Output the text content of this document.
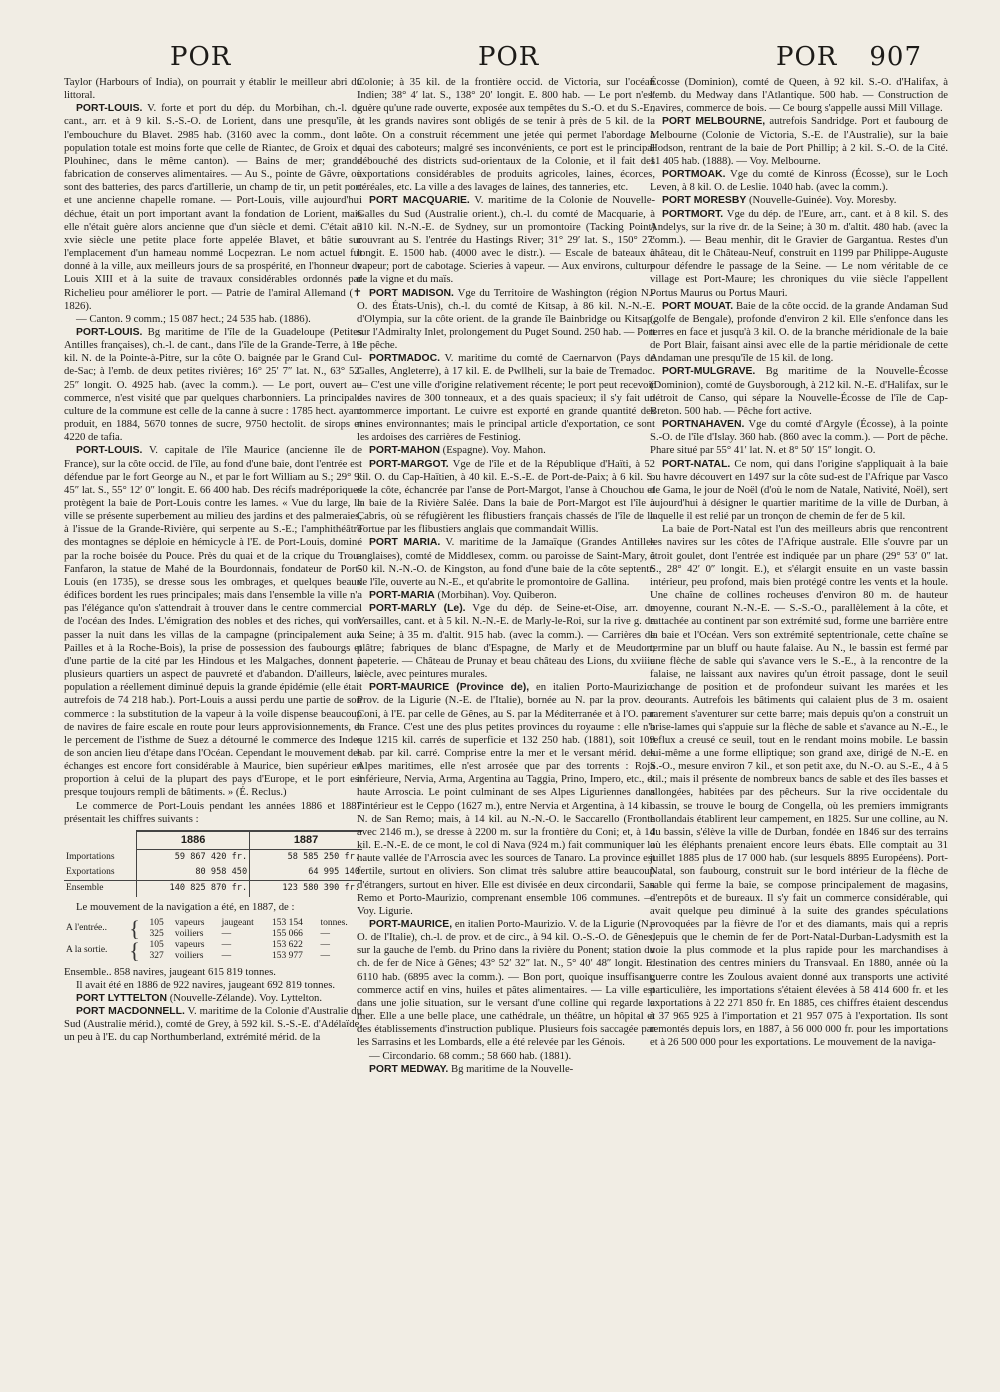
POR	POR	POR 907

Taylor (Harbours of India), on pourrait y établir le meilleur abri du littoral.

PORT-LOUIS. V. forte et port du dép. du Morbihan, ch.-l. de cant., arr. et à 9 kil. S.-S.-O. de Lorient, dans une presqu'île, à l'embouchure du Blavet. 2985 hab. (3160 avec la comm., dont la population totale est moins forte que celle de Riantec, de Groix et de Plouhinec, dans le même canton). — Bains de mer; grande fabrication de conserves alimentaires. — Au S., pointe de Gâvre, où sont des batteries, des parcs d'artillerie, un champ de tir, un petit port et une ancienne chapelle romane. — Port-Louis, ville aujourd'hui déchue, était un port important avant la fondation de Lorient, mais elle n'était guère alors ancienne que d'un siècle et demi. C'était au xvie siècle une petite place forte appelée Blavet, et bâtie sur l'emplacement d'un hameau nommé Locpezran. Le nom actuel fut donné à la ville, aux meilleurs jours de sa prospérité, en l'honneur de Louis XIII et à la suite de travaux considérables ordonnés par Richelieu pour améliorer le port. — Patrie de l'amiral Allemand (✝ 1826).

— Canton. 9 comm.; 15 087 hect.; 24 535 hab. (1886).

PORT-LOUIS. Bg maritime de l'île de la Guadeloupe (Petites Antilles françaises), ch.-l. de cant., dans l'île de la Grande-Terre, à 19 kil. N. de la Pointe-à-Pitre, sur la côte O. baignée par le Grand Cul-de-Sac; à l'emb. de deux petites rivières; 16° 25′ 7″ lat. N., 63° 52′ 25″ longit. O. 4925 hab. (avec la comm.). — Le port, ouvert au commerce, n'est visité que par quelques charbonniers. La principale culture de la commune est celle de la canne à sucre : 1785 hect. ayant produit, en 1884, 5670 tonnes de sucre, 9750 hectolit. de sirops et 4220 de tafia.

PORT-LOUIS. V. capitale de l'île Maurice (ancienne île de France), sur la côte occid. de l'île, au fond d'une baie, dont l'entrée est défendue par le fort George au N., et par le fort William au S.; 29° 9′ 45″ lat. S., 55° 12′ 0″ longit. E. 66 400 hab. Des récifs madréporiques protègent la baie de Port-Louis contre les lames. « Vue du large, la ville se présente superbement au milieu des jardins et des palmeraies, à l'issue de la Grande-Rivière, qui serpente au S.-E.; l'amphithéâtre des montagnes se déploie en hémicycle à l'E. de Port-Louis, dominé par la roche boisée du Pouce. Près du quai et de la crique du Trou-Fanfaron, la statue de Mahé de la Bourdonnais, fondateur de Port-Louis (en 1735), se dresse sous les ombrages, et quelques beaux édifices bordent les rues principales; mais dans l'ensemble la ville n'a pas l'élégance qu'on s'attendrait à trouver dans le centre commercial de l'océan des Indes. L'émigration des nobles et des riches, qui vont passer la nuit dans les villas de la campagne (principalement aux Pailles et à la Roche-Bois), la prise de possession des faubourgs et d'une partie de la cité par les Hindous et les Malgaches, donnent à plusieurs quartiers un aspect de pauvreté et d'abandon. D'ailleurs, la population a réellement diminué depuis la grande épidémie (elle était autrefois de 74 218 hab.). Port-Louis a aussi perdu une partie de son commerce : la substitution de la vapeur à la voile dispense beaucoup de navires de faire escale en route pour leurs approvisionnements, et le percement de l'isthme de Suez a détourné le commerce des Indes de son ancien lieu d'étape dans l'Océan. Cependant le mouvement des échanges est encore fort considérable à Maurice, bien supérieur en proportion à celui de la plupart des pays d'Europe, et le port est presque toujours rempli de bâtiments. » (É. Reclus.)

Le commerce de Port-Louis pendant les années 1886 et 1887 présentait les chiffres suivants :

	1886	1887
Importations	59 867 420 fr.	58 585 250 fr.
Exportations	80 958 450	64 995 140
Ensemble	140 825 870 fr.	123 580 390 fr.

Le mouvement de la navigation a été, en 1887, de :

A l'entrée..	{	105	vapeurs	jaugeant	153 154	tonnes.
		325	voiliers	—	155 066	—
A la sortie.	{	105	vapeurs	—	153 622	—
		327	voiliers	—	153 977	—

Ensemble.. 858 navires, jaugeant 615 819 tonnes.

Il avait été en 1886 de 922 navires, jaugeant 692 819 tonnes.

PORT LYTTELTON (Nouvelle-Zélande). Voy. Lyttelton.

PORT MACDONNELL. V. maritime de la Colonie d'Australie du Sud (Australie mérid.), comté de Grey, à 592 kil. S.-S.-E. d'Adélaïde, un peu à l'E. du cap Northumberland, extrémité mérid. de la

Colonie; à 35 kil. de la frontière occid. de Victoria, sur l'océan Indien; 38° 4′ lat. S., 138° 20′ longit. E. 800 hab. — Le port n'est guère qu'une rade ouverte, exposée aux tempêtes du S.-O. et du S.-E., et les grands navires sont obligés de se tenir à près de 5 kil. de la côte. On a construit récemment une jetée qui permet l'abordage à quai des caboteurs; malgré ses inconvénients, ce port est le principal débouché des districts sud-orientaux de la Colonie, et il fait des exportations considérables de produits agricoles, laines, écorces, céréales, etc. La ville a des lavages de laines, des tanneries, etc.

PORT MACQUARIE. V. maritime de la Colonie de Nouvelle-Galles du Sud (Australie orient.), ch.-l. du comté de Macquarie, à 310 kil. N.-N.-E. de Sydney, sur un promontoire (Tacking Point) couvrant au S. l'entrée du Hastings River; 31° 29′ lat. S., 150° 27′ longit. E. 1500 hab. (4000 avec le distr.). — Escale de bateaux à vapeur; port de cabotage. Scieries à vapeur. — Aux environs, culture de la vigne et du maïs.

PORT MADISON. Vge du Territoire de Washington (région N.-O. des États-Unis), ch.-l. du comté de Kitsap, à 86 kil. N.-N.-E. d'Olympia, sur la côte orient. de la grande île Bainbridge ou Kitsap, sur l'Admiralty Inlet, prolongement du Puget Sound. 250 hab. — Port de pêche.

PORTMADOC. V. maritime du comté de Caernarvon (Pays de Galles, Angleterre), à 17 kil. E. de Pwllheli, sur la baie de Tremadoc. — C'est une ville d'origine relativement récente; le port peut recevoir des navires de 300 tonneaux, et a des quais spacieux; il s'y fait un commerce important. Le cuivre est exporté en grande quantité des mines environnantes; mais le principal article d'exportation, ce sont les ardoises des carrières de Festiniog.

PORT-MAHON (Espagne). Voy. Mahon.

PORT-MARGOT. Vge de l'île et de la République d'Haïti, à 52 kil. O. du Cap-Haïtien, à 40 kil. E.-S.-E. de Port-de-Paix; à 6 kil. S. de la côte, échancrée par l'anse de Port-Margot, l'anse à Chouchou et la baie de la Rivière Salée. Dans la baie de Port-Margot est l'île à Cabris, où se réfugièrent les flibustiers français chassés de l'île de la Tortue par les flibustiers anglais que commandait Willis.

PORT MARIA. V. maritime de la Jamaïque (Grandes Antilles anglaises), comté de Middlesex, comm. ou paroisse de Saint-Mary, à 50 kil. N.-N.-O. de Kingston, au fond d'une baie de la côte septentr. de l'île, ouverte au N.-E., et qu'abrite le promontoire de Gallina.

PORT-MARIA (Morbihan). Voy. Quiberon.

PORT-MARLY (Le). Vge du dép. de Seine-et-Oise, arr. de Versailles, cant. et à 5 kil. N.-N.-E. de Marly-le-Roi, sur la rive g. de la Seine; à 35 m. d'altit. 915 hab. (avec la comm.). — Carrières de plâtre; fabriques de blanc d'Espagne, de Marly et de Meudon; papeterie. — Château de Prunay et beau château des Lions, du xviiie siècle, avec peintures murales.

PORT-MAURICE (Province de), en italien Porto-Maurizio. Prov. de la Ligurie (N.-E. de l'Italie), bornée au N. par la prov. de Coni, à l'E. par celle de Gênes, au S. par la Méditerranée et à l'O. par la France. C'est une des plus petites provinces du royaume : elle n'a que 1215 kil. carrés de superficie et 132 250 hab. (1881), soit 109 hab. par kil. carré. Comprise entre la mer et le versant mérid. des Alpes maritimes, elle n'est arrosée que par des torrents : Roja inférieure, Nervia, Arma, Argentina au Taggia, Prino, Impero, etc., et haute Arroscia. Le point culminant de ses Alpes Liguriennes dans l'intérieur est le Ceppo (1627 m.), entre Nervia et Argentina, à 14 kil. N. de San Remo; mais, à 14 kil. au N.-N.-O. le Saccarello (Fronte avec 2146 m.), se dresse à 2200 m. sur la frontière du Coni; et, à 14 kil. E.-N.-E. de ce mont, le col di Nava (924 m.) fait communiquer la haute vallée de l'Arroscia avec les sources de Tanaro. La province est fertile, surtout en oliviers. Son climat très salubre attire beaucoup d'étrangers, surtout en hiver. Elle est divisée en deux circondarii, San Remo et Porto-Maurizio, comprenant ensemble 106 communes. — Voy. Ligurie.

PORT-MAURICE, en italien Porto-Maurizio. V. de la Ligurie (N.-O. de l'Italie), ch.-l. de prov. et de circ., à 94 kil. O.-S.-O. de Gênes, sur la gauche de l'emb. du Prino dans la rivière du Ponent; station du ch. de fer de Nice à Gênes; 43° 52′ 32″ lat. N., 5° 40′ 48″ longit. E. 6110 hab. (6895 avec la comm.). — Bon port, quoique insuffisant; commerce actif en vins, huiles et pâtes alimentaires. — La ville est dans une jolie situation, sur le versant d'une colline qui regarde la mer. Elle a une belle place, une cathédrale, un théâtre, un hôpital et des établissements d'instruction publique. Plusieurs fois saccagée par les Sarrasins et les Lombards, elle a été relevée par les Génois.

— Circondario. 68 comm.; 58 660 hab. (1881).

PORT MEDWAY. Bg maritime de la Nouvelle-

Écosse (Dominion), comté de Queen, à 92 kil. S.-O. d'Halifax, à l'emb. du Medway dans l'Atlantique. 500 hab. — Construction de navires, commerce de bois. — Ce bourg s'appelle aussi Mill Village.

PORT MELBOURNE, autrefois Sandridge. Port et faubourg de Melbourne (Colonie de Victoria, S.-E. de l'Australie), sur la baie Hodson, rentrant de la baie de Port Phillip; à 2 kil. S.-O. de la Cité. 11 405 hab. (1888). — Voy. Melbourne.

PORTMOAK. Vge du comté de Kinross (Écosse), sur le Loch Leven, à 8 kil. O. de Leslie. 1040 hab. (avec la comm.).

PORT MORESBY (Nouvelle-Guinée). Voy. Moresby.

PORTMORT. Vge du dép. de l'Eure, arr., cant. et à 8 kil. S. des Andelys, sur la rive dr. de la Seine; à 30 m. d'altit. 480 hab. (avec la comm.). — Beau menhir, dit le Gravier de Gargantua. Restes d'un château, dit le Château-Neuf, construit en 1199 par Philippe-Auguste pour défendre le passage de la Seine. — Le nom véritable de ce village est Port-Maure; les chroniques du viie siècle l'appellent Portus Maurus ou Portus Mauri.

PORT MOUAT. Baie de la côte occid. de la grande Andaman Sud (golfe de Bengale), profonde d'environ 2 kil. Elle s'enfonce dans les terres en face et jusqu'à 3 kil. O. de la branche méridionale de la baie de Port Blair, faisant ainsi avec elle de la partie méridionale de cette Andaman une presqu'île de 15 kil. de long.

PORT-MULGRAVE. Bg maritime de la Nouvelle-Écosse (Dominion), comté de Guysborough, à 212 kil. N.-E. d'Halifax, sur le détroit de Canso, qui sépare la Nouvelle-Écosse de l'île de Cap-Breton. 500 hab. — Pêche fort active.

PORTNAHAVEN. Vge du comté d'Argyle (Écosse), à la pointe S.-O. de l'île d'Islay. 360 hab. (860 avec la comm.). — Port de pêche. Phare situé par 55° 41′ lat. N. et 8° 50′ 15″ longit. O.

PORT-NATAL. Ce nom, qui dans l'origine s'appliquait à la baie ou havre découvert en 1497 sur la côte sud-est de l'Afrique par Vasco de Gama, le jour de Noël (d'où le nom de Natale, Nativité, Noël), sert aujourd'hui à désigner le quartier maritime de la ville de Durban, à laquelle il est relié par un tronçon de chemin de fer de 5 kil.

La baie de Port-Natal est l'un des meilleurs abris que rencontrent les navires sur les côtes de l'Afrique australe. Elle s'ouvre par un étroit goulet, dont l'entrée est indiquée par un phare (29° 53′ 0″ lat. S., 28° 42′ 0″ longit. E.), et s'élargit ensuite en un vaste bassin intérieur, peu profond, mais bien protégé contre les vents et la houle. Une chaîne de collines rocheuses d'environ 80 m. de hauteur moyenne, courant N.-N.-E. — S.-S.-O., parallèlement à la côte, et rattachée au continent par son extrémité sud, forme une barrière entre la baie et l'Océan. Vers son extrémité septentrionale, cette chaîne se termine par un bluff ou haute falaise. Au N., le bassin est fermé par une flèche de sable qui s'avance vers le S.-E., à la rencontre de la falaise, ne laissant aux navires qu'un étroit passage, dont le seuil change de position et de profondeur suivant les marées et les courants. Autrefois les bâtiments qui calaient plus de 3 m. osaient rarement s'aventurer sur cette barre; mais depuis qu'on a construit un brise-lames qui s'appuie sur la flèche de sable et s'avance au N.-E., le reflux a creusé ce seuil, tout en le rendant moins mobile. Le bassin lui-même a une forme elliptique; son grand axe, dirigé de N.-E. en S.-O., mesure environ 7 kil., et son petit axe, du N.-O. au S.-E., 4 à 5 kil.; mais il présente de nombreux bancs de sable et des îles basses et allongées, habitées par des pêcheurs. Sur la rive occidentale du bassin, se trouve le bourg de Congella, où les premiers immigrants hollandais établirent leur campement, en 1825. Sur une colline, au N. du bassin, s'élève la ville de Durban, fondée en 1846 sur des terrains où les éléphants prenaient encore leurs ébats. Elle comptait au 31 juillet 1885 plus de 17 000 hab. (sur lesquels 8895 Européens). Port-Natal, son faubourg, construit sur le bord intérieur de la flèche de sable qui ferme la baie, se compose principalement de magasins, d'entrepôts et de bureaux. Il s'y fait un commerce considérable, qui avait quelque peu diminué à la suite des grandes spéculations provoquées par la fièvre de l'or et des diamants, mais qui a repris depuis que le chemin de fer de Port-Natal-Durban-Ladysmith est la voie la plus commode et la plus rapide pour les marchandises à destination des centres miniers du Transvaal. En 1880, année où la guerre contre les Zoulous avaient donné aux transports une activité particulière, les importations s'étaient élevées à 58 414 600 fr. et les exportations à 22 271 850 fr. En 1885, ces chiffres étaient descendus à 37 965 925 à l'importation et 21 957 075 à l'exportation. Ils sont remontés depuis lors, en 1887, à 56 000 000 fr. pour les importations et à 26 500 000 pour les exportations. Le mouvement de la naviga-
